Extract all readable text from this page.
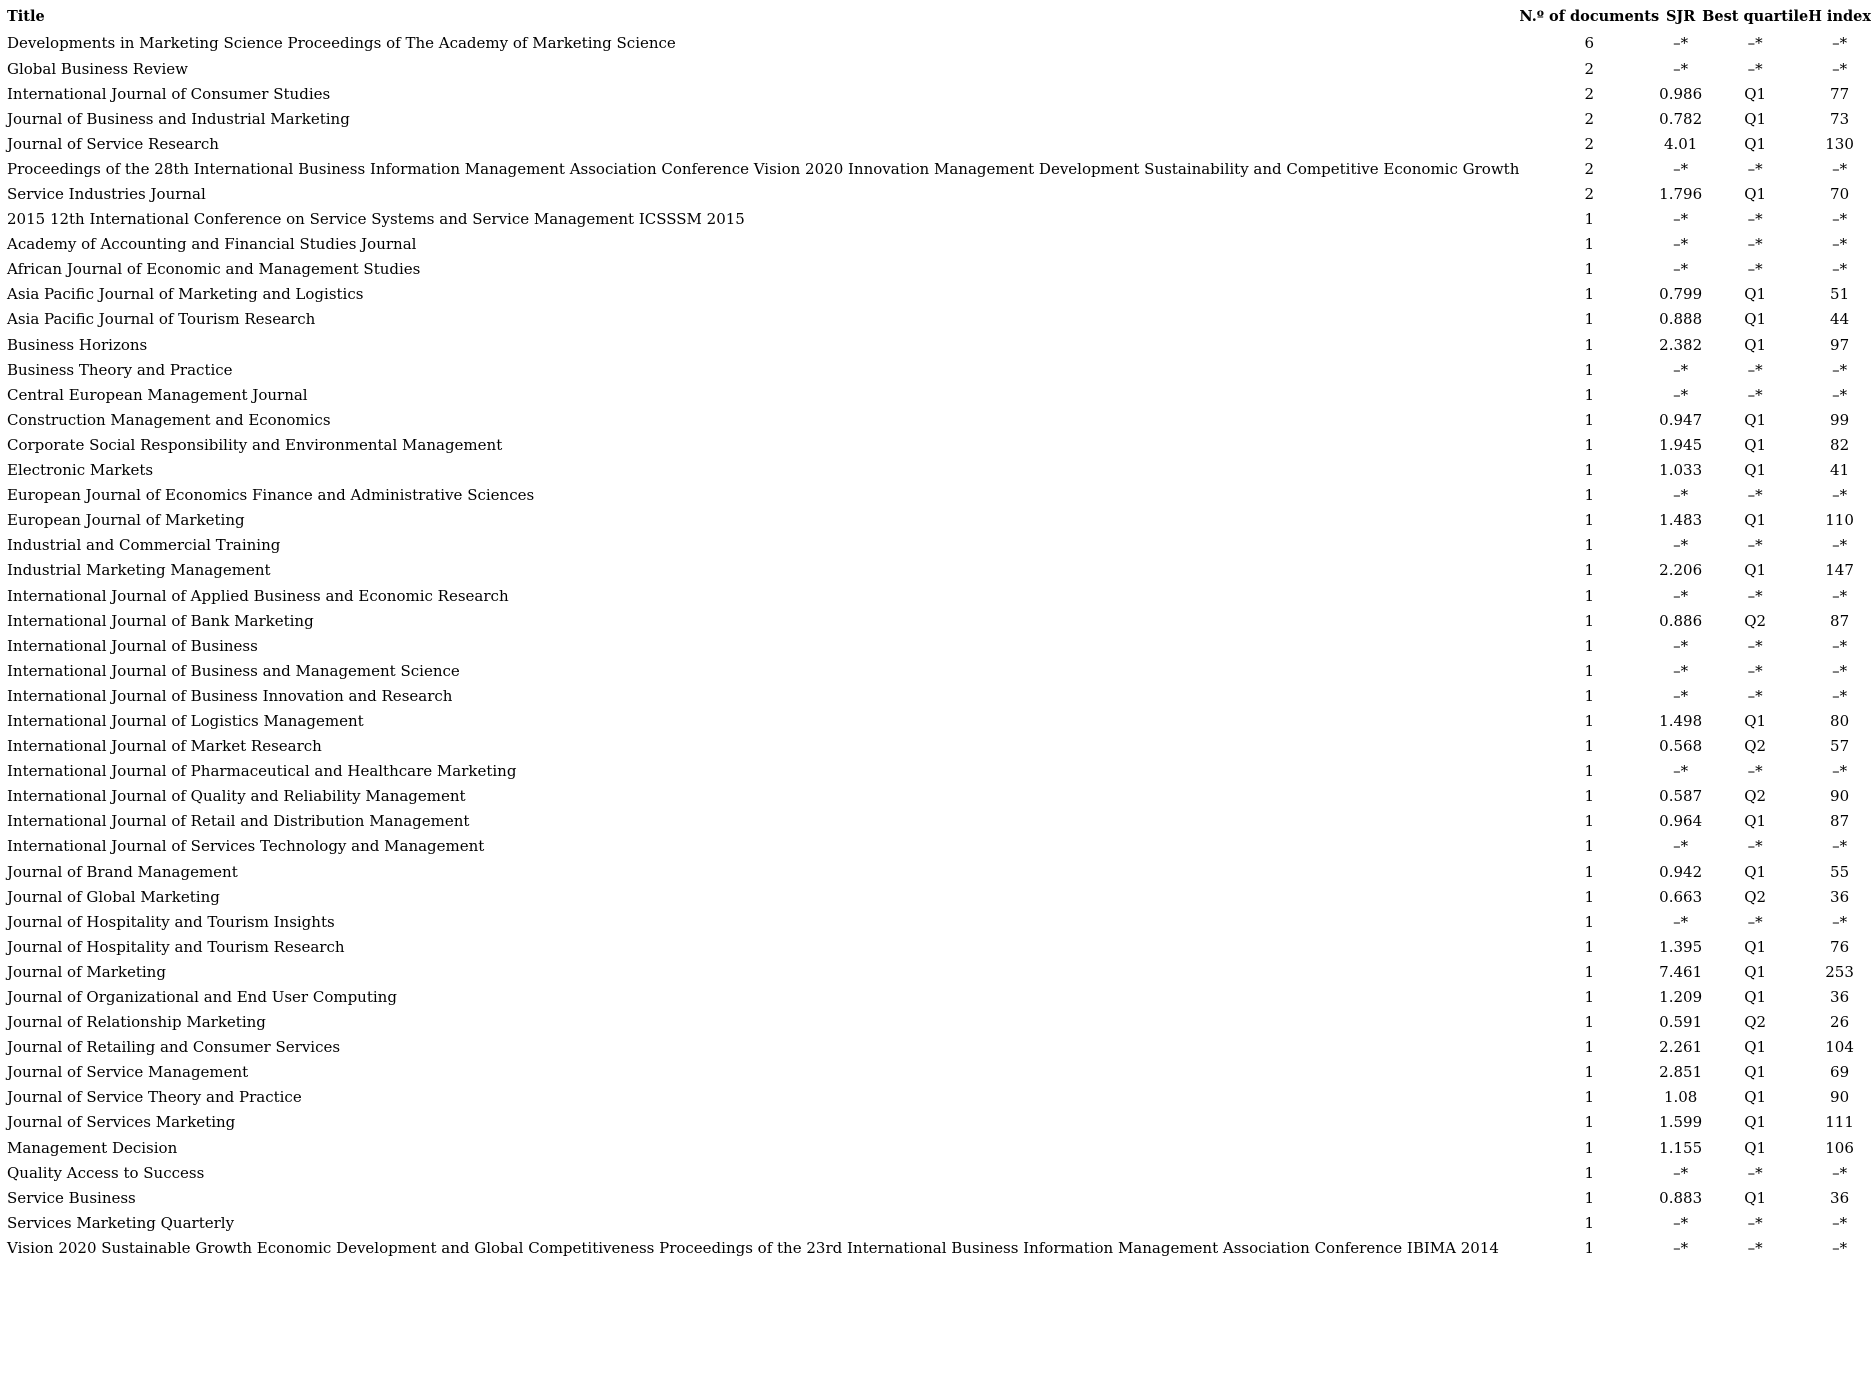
Title	N.º of documents	SJR	Best quartile	H index
Developments in Marketing Science Proceedings of The Academy of Marketing Science	6	–*	–*	–*
Global Business Review	2	–*	–*	–*
International Journal of Consumer Studies	2	0.986	Q1	77
Journal of Business and Industrial Marketing	2	0.782	Q1	73
Journal of Service Research	2	4.01	Q1	130
Proceedings of the 28th International Business Information Management Association Conference Vision 2020 Innovation Management Development Sustainability and Competitive Economic Growth	2	–*	–*	–*
Service Industries Journal	2	1.796	Q1	70
2015 12th International Conference on Service Systems and Service Management ICSSSM 2015	1	–*	–*	–*
Academy of Accounting and Financial Studies Journal	1	–*	–*	–*
African Journal of Economic and Management Studies	1	–*	–*	–*
Asia Pacific Journal of Marketing and Logistics	1	0.799	Q1	51
Asia Pacific Journal of Tourism Research	1	0.888	Q1	44
Business Horizons	1	2.382	Q1	97
Business Theory and Practice	1	–*	–*	–*
Central European Management Journal	1	–*	–*	–*
Construction Management and Economics	1	0.947	Q1	99
Corporate Social Responsibility and Environmental Management	1	1.945	Q1	82
Electronic Markets	1	1.033	Q1	41
European Journal of Economics Finance and Administrative Sciences	1	–*	–*	–*
European Journal of Marketing	1	1.483	Q1	110
Industrial and Commercial Training	1	–*	–*	–*
Industrial Marketing Management	1	2.206	Q1	147
International Journal of Applied Business and Economic Research	1	–*	–*	–*
International Journal of Bank Marketing	1	0.886	Q2	87
International Journal of Business	1	–*	–*	–*
International Journal of Business and Management Science	1	–*	–*	–*
International Journal of Business Innovation and Research	1	–*	–*	–*
International Journal of Logistics Management	1	1.498	Q1	80
International Journal of Market Research	1	0.568	Q2	57
International Journal of Pharmaceutical and Healthcare Marketing	1	–*	–*	–*
International Journal of Quality and Reliability Management	1	0.587	Q2	90
International Journal of Retail and Distribution Management	1	0.964	Q1	87
International Journal of Services Technology and Management	1	–*	–*	–*
Journal of Brand Management	1	0.942	Q1	55
Journal of Global Marketing	1	0.663	Q2	36
Journal of Hospitality and Tourism Insights	1	–*	–*	–*
Journal of Hospitality and Tourism Research	1	1.395	Q1	76
Journal of Marketing	1	7.461	Q1	253
Journal of Organizational and End User Computing	1	1.209	Q1	36
Journal of Relationship Marketing	1	0.591	Q2	26
Journal of Retailing and Consumer Services	1	2.261	Q1	104
Journal of Service Management	1	2.851	Q1	69
Journal of Service Theory and Practice	1	1.08	Q1	90
Journal of Services Marketing	1	1.599	Q1	111
Management Decision	1	1.155	Q1	106
Quality Access to Success	1	–*	–*	–*
Service Business	1	0.883	Q1	36
Services Marketing Quarterly	1	–*	–*	–*
Vision 2020 Sustainable Growth Economic Development and Global Competitiveness Proceedings of the 23rd International Business Information Management Association Conference IBIMA 2014	1	–*	–*	–*
